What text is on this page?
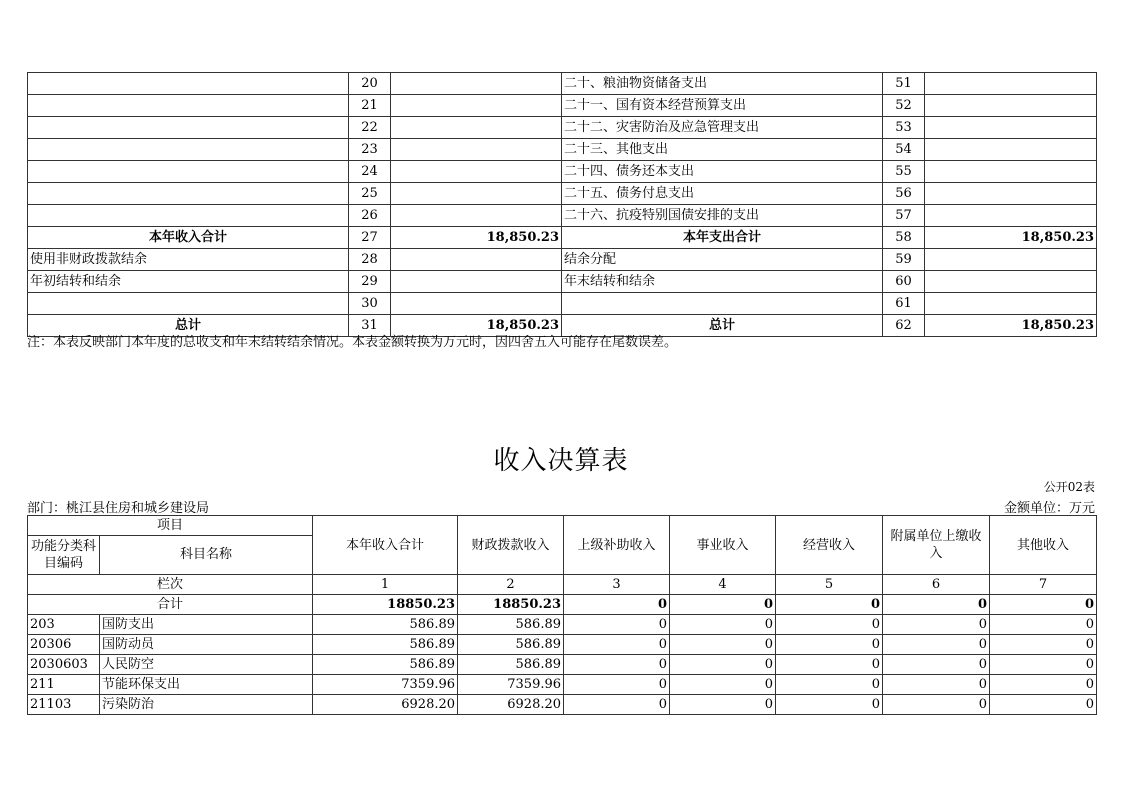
	20		二十、粮油物资储备支出	51	
	21		二十一、国有资本经营预算支出	52	
	22		二十二、灾害防治及应急管理支出	53	
	23		二十三、其他支出	54	
	24		二十四、债务还本支出	55	
	25		二十五、债务付息支出	56	
	26		二十六、抗疫特别国债安排的支出	57	
本年收入合计	27	18,850.23	本年支出合计	58	18,850.23
使用非财政拨款结余	28		结余分配	59	
年初结转和结余	29		年末结转和结余	60	
	30			61	
总计	31	18,850.23	总计	62	18,850.23
注：本表反映部门本年度的总收支和年末结转结余情况。本表金额转换为万元时，因四舍五入可能存在尾数误差。
收入决算表
公开02表
部门：桃江县住房和城乡建设局	金额单位：万元
项目		本年收入合计	财政拨款收入	上级补助收入	事业收入	经营收入	附属单位上缴收入	其他收入
功能分类科目编码	科目名称							
栏次		1	2	3	4	5	6	7
合计		18850.23	18850.23	0	0	0	0	0
203	国防支出	586.89	586.89	0	0	0	0	0
20306	国防动员	586.89	586.89	0	0	0	0	0
2030603	人民防空	586.89	586.89	0	0	0	0	0
211	节能环保支出	7359.96	7359.96	0	0	0	0	0
21103	污染防治	6928.20	6928.20	0	0	0	0	0
